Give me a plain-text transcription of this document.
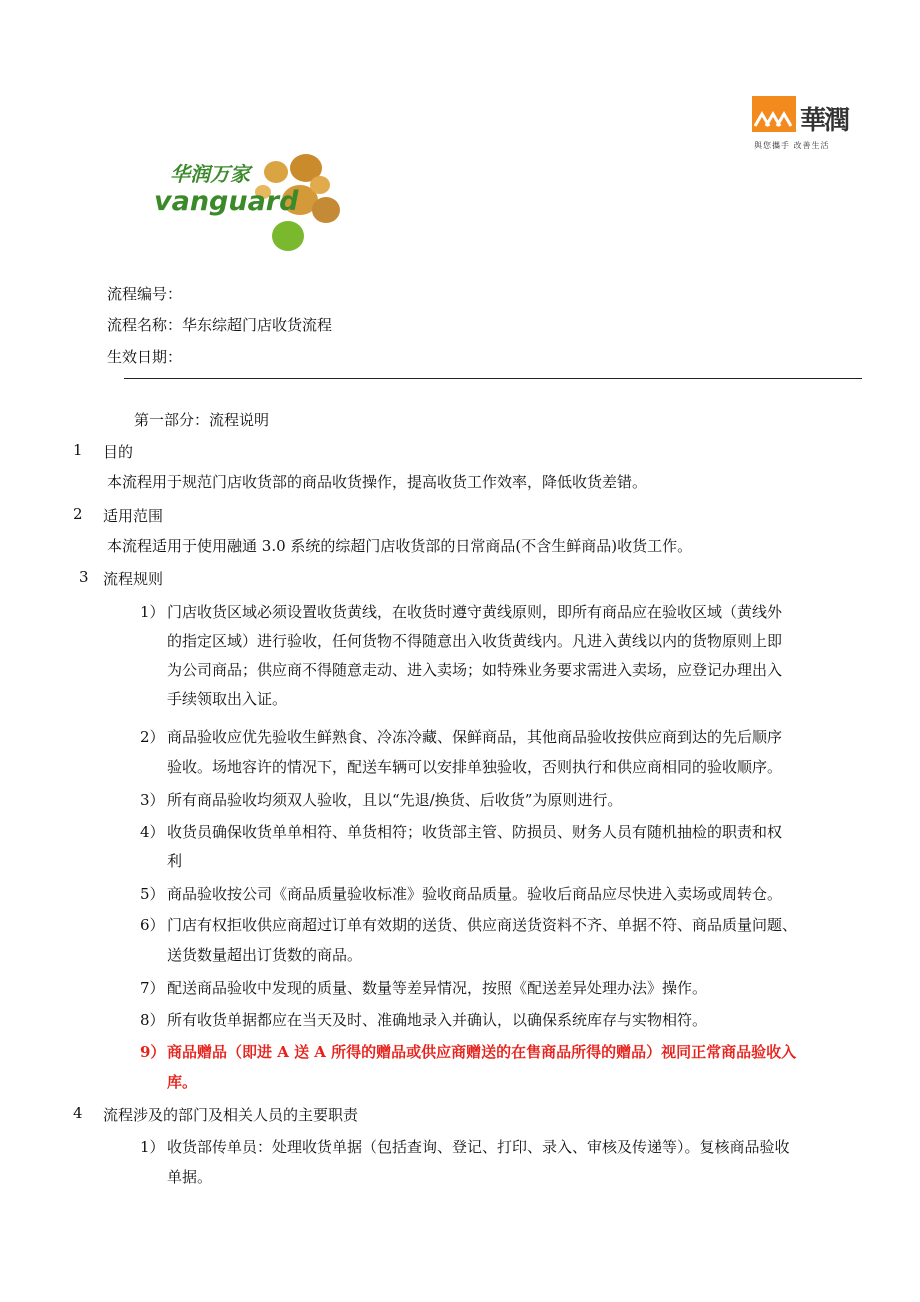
華潤
與您攜手 改善生活
华润万家
vanguard
流程编号：
流程名称：华东综超门店收货流程
生效日期：
第一部分：流程说明
1 目的
本流程用于规范门店收货部的商品收货操作，提高收货工作效率，降低收货差错。
2 适用范围
本流程适用于使用融通 3.0 系统的综超门店收货部的日常商品(不含生鲜商品)收货工作。
3 流程规则
1） 门店收货区域必须设置收货黄线，在收货时遵守黄线原则，即所有商品应在验收区域（黄线外
的指定区域）进行验收，任何货物不得随意出入收货黄线内。凡进入黄线以内的货物原则上即
为公司商品；供应商不得随意走动、进入卖场；如特殊业务要求需进入卖场，应登记办理出入
手续领取出入证。
2） 商品验收应优先验收生鲜熟食、冷冻冷藏、保鲜商品，其他商品验收按供应商到达的先后顺序
验收。场地容许的情况下，配送车辆可以安排单独验收，否则执行和供应商相同的验收顺序。
3） 所有商品验收均须双人验收，且以“先退/换货、后收货”为原则进行。
4） 收货员确保收货单单相符、单货相符；收货部主管、防损员、财务人员有随机抽检的职责和权
利
5） 商品验收按公司《商品质量验收标准》验收商品质量。验收后商品应尽快进入卖场或周转仓。
6） 门店有权拒收供应商超过订单有效期的送货、供应商送货资料不齐、单据不符、商品质量问题、
送货数量超出订货数的商品。
7） 配送商品验收中发现的质量、数量等差异情况，按照《配送差异处理办法》操作。
8） 所有收货单据都应在当天及时、准确地录入并确认，以确保系统库存与实物相符。
9） 商品赠品（即进 A 送 A 所得的赠品或供应商赠送的在售商品所得的赠品）视同正常商品验收入
库。
4 流程涉及的部门及相关人员的主要职责
1） 收货部传单员：处理收货单据（包括查询、登记、打印、录入、审核及传递等）。复核商品验收
单据。
